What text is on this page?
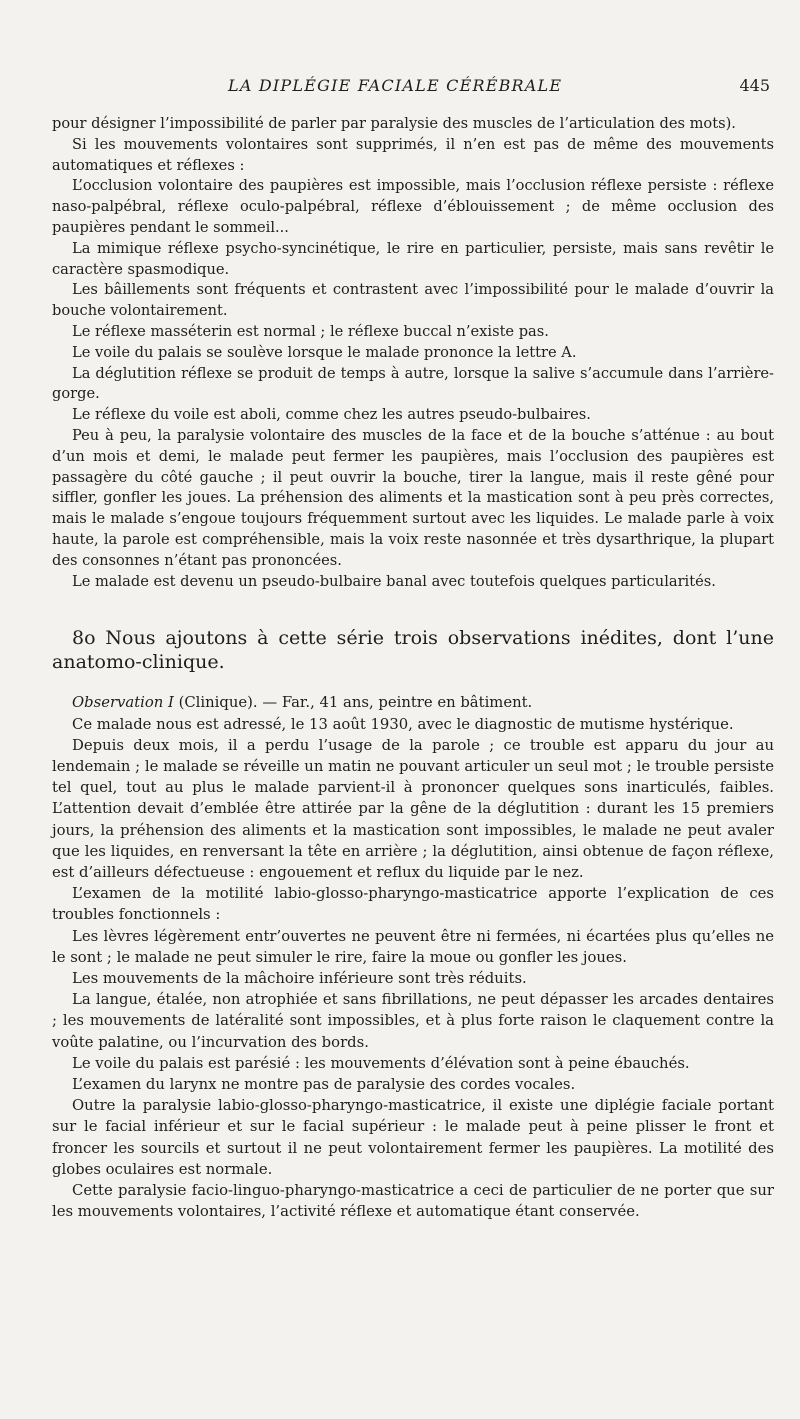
LA DIPLÉGIE FACIALE CÉRÉBRALE	445

pour désigner l’impossibilité de parler par paralysie des muscles de l’articulation des mots).

Si les mouvements volontaires sont supprimés, il n’en est pas de même des mouvements automatiques et réflexes :

L’occlusion volontaire des paupières est impossible, mais l’occlusion réflexe persiste : réflexe naso-palpébral, réflexe oculo-palpébral, réflexe d’éblouissement ; de même occlusion des paupières pendant le sommeil...

La mimique réflexe psycho-syncinétique, le rire en particulier, persiste, mais sans revêtir le caractère spasmodique.

Les bâillements sont fréquents et contrastent avec l’impossibilité pour le malade d’ouvrir la bouche volontairement.

Le réflexe masséterin est normal ; le réflexe buccal n’existe pas.

Le voile du palais se soulève lorsque le malade prononce la lettre A.

La déglutition réflexe se produit de temps à autre, lorsque la salive s’accumule dans l’arrière-gorge.

Le réflexe du voile est aboli, comme chez les autres pseudo-bulbaires.

Peu à peu, la paralysie volontaire des muscles de la face et de la bouche s’atténue : au bout d’un mois et demi, le malade peut fermer les paupières, mais l’occlusion des paupières est passagère du côté gauche ; il peut ouvrir la bouche, tirer la langue, mais il reste gêné pour siffler, gonfler les joues. La préhension des aliments et la mastication sont à peu près correctes, mais le malade s’engoue toujours fréquemment surtout avec les liquides. Le malade parle à voix haute, la parole est compréhensible, mais la voix reste nasonnée et très dysarthrique, la plupart des consonnes n’étant pas prononcées.

Le malade est devenu un pseudo-bulbaire banal avec toutefois quelques particularités.

8o Nous ajoutons à cette série trois observations inédites, dont l’une anatomo-clinique.

Observation I (Clinique). — Far., 41 ans, peintre en bâtiment.

Ce malade nous est adressé, le 13 août 1930, avec le diagnostic de mutisme hystérique.

Depuis deux mois, il a perdu l’usage de la parole ; ce trouble est apparu du jour au lendemain ; le malade se réveille un matin ne pouvant articuler un seul mot ; le trouble persiste tel quel, tout au plus le malade parvient-il à prononcer quelques sons inarticulés, faibles. L’attention devait d’emblée être attirée par la gêne de la déglutition : durant les 15 premiers jours, la préhension des aliments et la mastication sont impossibles, le malade ne peut avaler que les liquides, en renversant la tête en arrière ; la déglutition, ainsi obtenue de façon réflexe, est d’ailleurs défectueuse : engouement et reflux du liquide par le nez.

L’examen de la motilité labio-glosso-pharyngo-masticatrice apporte l’explication de ces troubles fonctionnels :

Les lèvres légèrement entr’ouvertes ne peuvent être ni fermées, ni écartées plus qu’elles ne le sont ; le malade ne peut simuler le rire, faire la moue ou gonfler les joues.

Les mouvements de la mâchoire inférieure sont très réduits.

La langue, étalée, non atrophiée et sans fibrillations, ne peut dépasser les arcades dentaires ; les mouvements de latéralité sont impossibles, et à plus forte raison le claquement contre la voûte palatine, ou l’incurvation des bords.

Le voile du palais est parésié : les mouvements d’élévation sont à peine ébauchés.

L’examen du larynx ne montre pas de paralysie des cordes vocales.

Outre la paralysie labio-glosso-pharyngo-masticatrice, il existe une diplégie faciale portant sur le facial inférieur et sur le facial supérieur : le malade peut à peine plisser le front et froncer les sourcils et surtout il ne peut volontairement fermer les paupières. La motilité des globes oculaires est normale.

Cette paralysie facio-linguo-pharyngo-masticatrice a ceci de particulier de ne porter que sur les mouvements volontaires, l’activité réflexe et automatique étant conservée.
